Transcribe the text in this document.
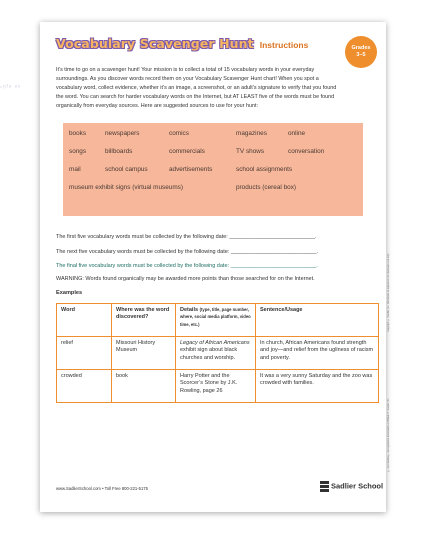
Vocabulary Scavenger Hunt Instructions	Grades
3–5
It’s time to go on a scavenger hunt! Your mission is to collect a total of 15 vocabulary words in your everyday surroundings. As you discover words record them on your Vocabulary Scavenger Hunt chart! When you spot a vocabulary word, collect evidence, whether it’s an image, a screenshot, or an adult’s signature to verify that you found the word. You can search for harder vocabulary words on the Internet, but AT LEAST five of the words must be found organically from everyday sources. Here are suggested sources to use for your hunt:
books	newspapers	comics	magazines	online
songs	billboards	commercials	TV shows	conversation
mail	school campus	advertisements	school assignments
museum exhibit signs (virtual museums)	products (cereal box)
The first five vocabulary words must be collected by the following date: ____________________________.
The next five vocabulary words must be collected by the following date: ____________________________.
The final five vocabulary words must be collected by the following date: ____________________________.
WARNING: Words found organically may be awarded more points than those searched for on the Internet.
Examples
Word	Where was the word discovered?	Details (type, title, page number, where, social media platform, video time, etc.)	Sentence/Usage
relief	Missouri History Museum	Legacy of African Americans exhibit sign about black churches and worship.	In church, African Americans found strength and joy—and relief from the ugliness of racism and poverty.
crowded	book	Harry Potter and the Scorcer’s Stone by J.K. Rowling, page 26	It was a very sunny Saturday and the zoo was crowded with families.
www.SadlierSchool.com • Toll Free 800-221-5175	Sadlier School
Copyright © Sadlier, Inc. Permission to reproduce for classroom use only.
® and Sadlier® are registered trademarks of William H. Sadlier, Inc.
ᵕᵑᶠᵘ ᵒᵛ
